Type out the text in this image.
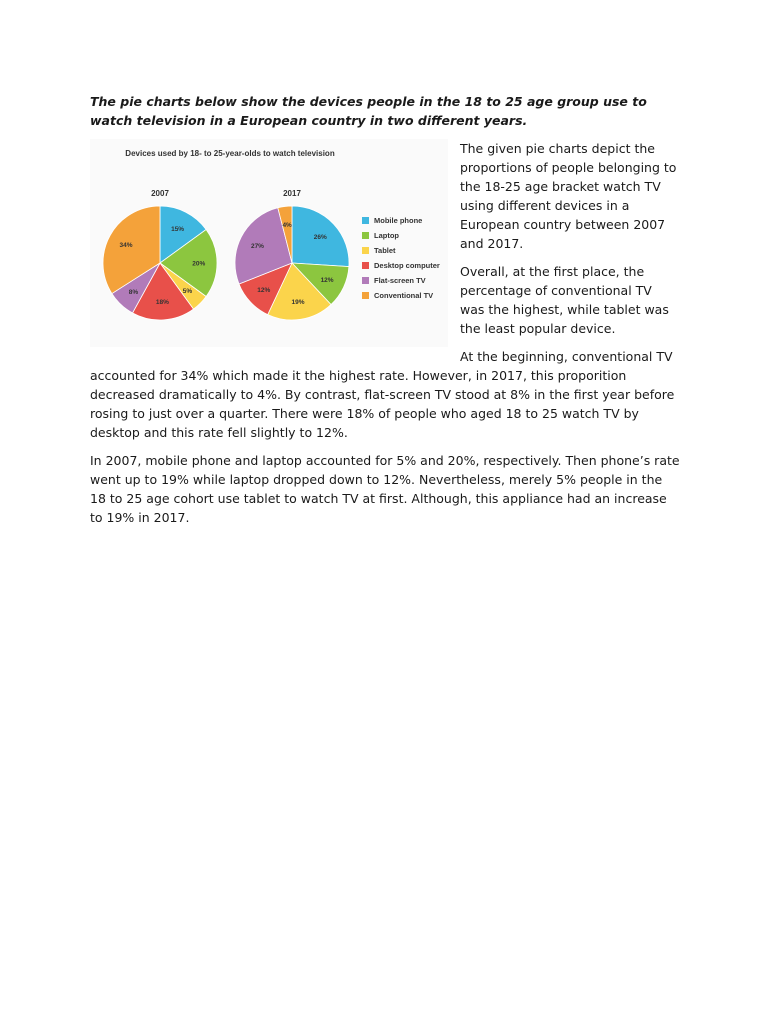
The pie charts below show the devices people in the 18 to 25 age group use to watch television in a European country in two different years.

Devices used by 18- to 25-year-olds to watch television
2007
15%
20%
5%
18%
8%
34%
2017
26%
12%
19%
12%
27%
4%
Mobile phone
Laptop
Tablet
Desktop computer
Flat-screen TV
Conventional TV

The given pie charts depict the proportions of people belonging to the 18-25 age bracket watch TV using different devices in a European country between 2007 and 2017.

Overall, at the first place, the percentage of conventional TV was the highest, while tablet was the least popular device.

At the beginning, conventional TV accounted for 34% which made it the highest rate. However, in 2017, this proporition decreased dramatically to 4%. By contrast, flat-screen TV stood at 8% in the first year before rosing to just over a quarter. There were 18% of people who aged 18 to 25 watch TV by desktop and this rate fell slightly to 12%.

In 2007, mobile phone and laptop accounted for 5% and 20%, respectively. Then phone’s rate went up to 19% while laptop dropped down to 12%. Nevertheless, merely 5% people in the 18 to 25 age cohort use tablet to watch TV at first. Although, this appliance had an increase to 19% in 2017.
